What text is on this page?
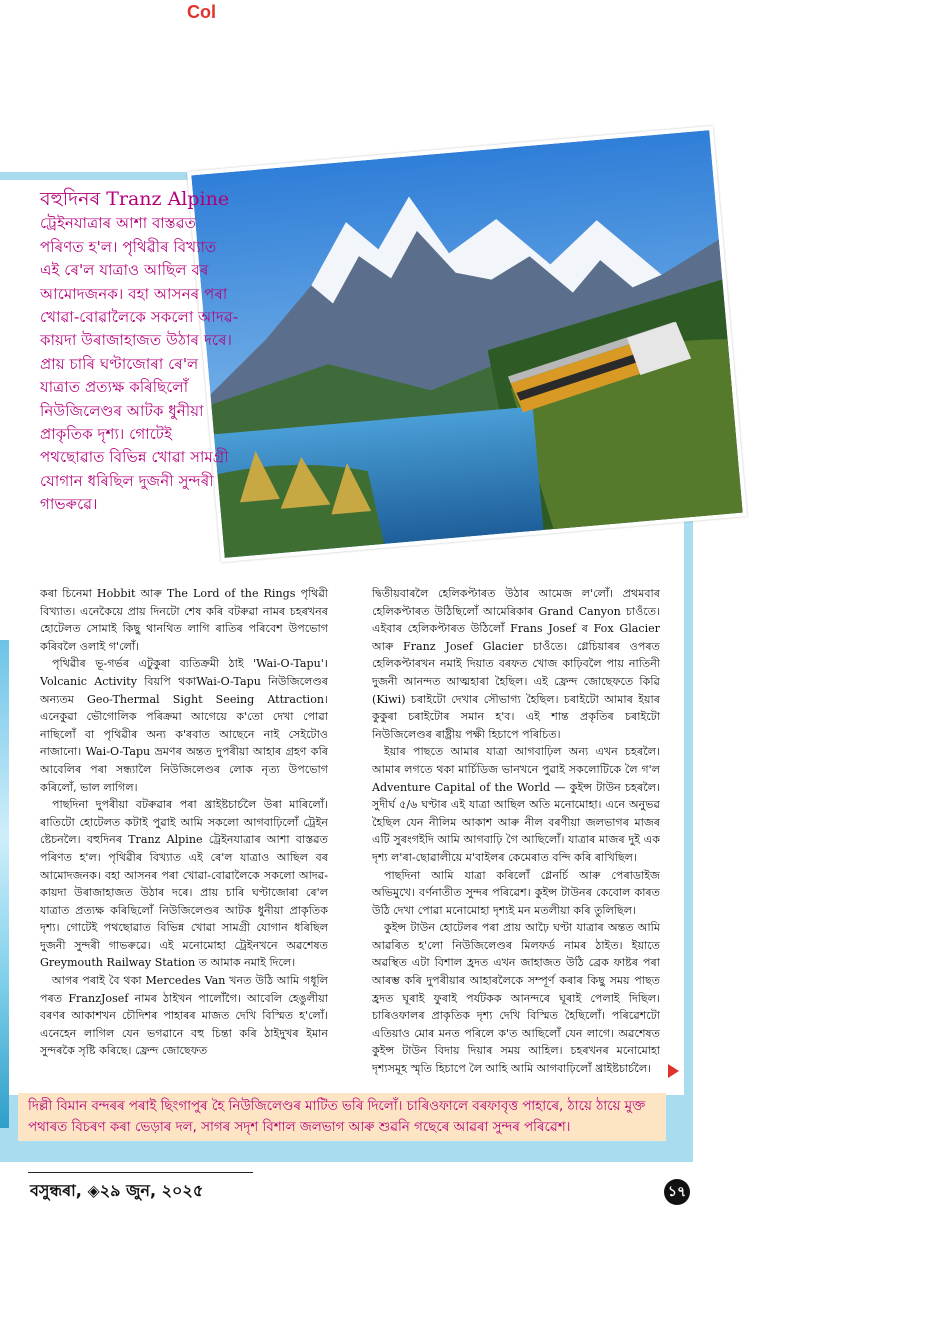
Col
বহুদিনৰ Tranz Alpine
ট্ৰেইনযাত্ৰাৰ আশা বাস্তৱত পৰিণত হ'ল। পৃথিৱীৰ বিখ্যাত এই ৰে'ল যাত্ৰাও আছিল বৰ আমোদজনক। বহা আসনৰ পৰা খোৱা-বোৱালৈকে সকলো আদৱ- কায়দা উৰাজাহাজত উঠাৰ দৰে। প্ৰায় চাৰি ঘণ্টাজোৰা ৰে'ল যাত্ৰাত প্ৰত্যক্ষ কৰিছিলোঁ নিউজিলেণ্ডৰ আটক ধুনীয়া প্ৰাকৃতিক দৃশ্য। গোটেই পথছোৱাত বিভিন্ন খোৱা সামগ্ৰী যোগান ধৰিছিল দুজনী সুন্দৰী গাভৰুৱে।

কৰা চিনেমা Hobbit আৰু The Lord of the Rings পৃথিৱী বিখ্যাত। এনেকৈয়ে প্ৰায় দিনটো শেষ কৰি বটৰুৱা নামৰ চহৰখনৰ হোটেলত সোমাই কিছু থানথিত লাগি ৰাতিৰ পৰিবেশ উপভোগ কৰিবলৈ ওলাই গ'লোঁ।

পৃথিৱীৰ ভূ-গৰ্ভৰ এটুকুৰা ব্যতিক্ৰমী ঠাই 'Wai-O-Tapu'। Volcanic Activity বিয়পি থকাWai-O-Tapu নিউজিলেণ্ডৰ অন্যতম Geo-Thermal Sight Seeing Attraction। এনেকুৱা ভৌগোলিক পৰিক্ৰমা আগেয়ে ক'তো দেখা পোৱা নাছিলোঁ বা পৃথিৱীৰ অন্য ক'ৰবাত আছেনে নাই সেইটোও নাজানো। Wai-O-Tapu ভ্ৰমণৰ অন্তত দুপৰীয়া আহাৰ গ্ৰহণ কৰি আবেলিৰ পৰা সন্ধ্যালৈ নিউজিলেণ্ডৰ লোক নৃত্য উপভোগ কৰিলোঁ, ভাল লাগিল।

পাছদিনা দুপৰীয়া বটৰুৱাৰ পৰা খ্ৰাইষ্টচাৰ্চলৈ উৰা মাৰিলোঁ। ৰাতিটো হোটেলত কটাই পুৱাই আমি সকলো আগবাঢ়িলোঁ ট্ৰেইন ষ্টেচনলৈ। বহুদিনৰ Tranz Alpine ট্ৰেইনযাত্ৰাৰ আশা বাস্তৱত পৰিণত হ'ল। পৃথিৱীৰ বিখ্যাত এই ৰে'ল যাত্ৰাও আছিল বৰ আমোদজনক। বহা আসনৰ পৰা খোৱা-বোৱালৈকে সকলো আদৱ-কায়দা উৰাজাহাজত উঠাৰ দৰে। প্ৰায় চাৰি ঘণ্টাজোৰা ৰে'ল যাত্ৰাত প্ৰত্যক্ষ কৰিছিলোঁ নিউজিলেণ্ডৰ আটক ধুনীয়া প্ৰাকৃতিক দৃশ্য। গোটেই পথছোৱাত বিভিন্ন খোৱা সামগ্ৰী যোগান ধৰিছিল দুজনী সুন্দৰী গাভৰুৱে। এই মনোমোহা ট্ৰেইনখনে অৱশেষত Greymouth Railway Station ত আমাক নমাই দিলে।

আগৰ পৰাই বৈ থকা Mercedes Van খনত উঠি আমি গধূলি পৰত FranzJosef নামৰ ঠাইখন পালোঁগৈ। আবেলি হেঙুলীয়া বৰণৰ আকাশখন চৌদিশৰ পাহাৰৰ মাজত দেখি বিস্মিত হ'লোঁ। এনেহেন লাগিল যেন ভগৱানে বহু চিন্তা কৰি ঠাইদুখৰ ইমান সুন্দৰকৈ সৃষ্টি কৰিছে। ফ্ৰেন্দ জোছেফত

দ্বিতীয়বাৰলৈ হেলিকপ্টাৰত উঠাৰ আমেজ ল'লোঁ। প্ৰথমবাৰ হেলিকপ্টাৰত উঠিছিলোঁ আমেৰিকাৰ Grand Canyon চাওঁতে। এইবাৰ হেলিকপ্টাৰত উঠিলোঁ Frans Josef ৰ Fox Glacier আৰু Franz Josef Glacier চাওঁতে। গ্লেচিয়াৰৰ ওপৰত হেলিকপ্টাৰখন নমাই দিয়াত বৰফত খোজ কাঢ়িবলৈ পায় নাতিনী দুজনী আনন্দত আত্মহাৰা হৈছিল। এই ফ্ৰেন্দ জোছেফতে কিৱি (Kiwi) চৰাইটো দেখাৰ সৌভাগ্য হৈছিল। চৰাইটো আমাৰ ইয়াৰ কুকুৰা চৰাইটোৰ সমান হ'ব। এই শান্ত প্ৰকৃতিৰ চৰাইটো নিউজিলেণ্ডৰ ৰাষ্ট্ৰীয় পক্ষী হিচাপে পৰিচিত।

ইয়াৰ পাছতে আমাৰ যাত্ৰা আগবাঢ়িল অন্য এখন চহৰলৈ। আমাৰ লগতে থকা মাৰ্চিডিজ ভানখনে পুৱাই সকলোটিকে লৈ গ'ল Adventure Capital of the World — কুইন্স টাউন চহৰলৈ। সুদীৰ্ঘ ৫/৬ ঘণ্টাৰ এই যাত্ৰা আছিল অতি মনোমোহা। এনে অনুভৱ হৈছিল যেন নীলিম আকাশ আৰু নীল বৰণীয়া জলভাগৰ মাজৰ এটি সুৰংগইদি আমি আগবাঢ়ি গৈ আছিলোঁ। যাত্ৰাৰ মাজৰ দুই এক দৃশ্য ল'ৰা-ছোৱালীয়ে ম'বাইলৰ কেমেৰাত বন্দি কৰি ৰাখিছিল।

পাছদিনা আমি যাত্ৰা কৰিলোঁ গ্লেনৰ্চি আৰু পেৰাডাইজ অভিমুখে। বৰ্ণনাতীত সুন্দৰ পৰিৱেশ। কুইন্স টাউনৰ কেবোল কাৰত উঠি দেখা পোৱা মনোমোহা দৃশ্যই মন মতলীয়া কৰি তুলিছিল।

কুইন্স টাউন হোটেলৰ পৰা প্ৰায় আঢ়ৈ ঘণ্টা যাত্ৰাৰ অন্তত আমি আৱৰিত হ'লো নিউজিলেণ্ডৰ মিলফৰ্ড নামৰ ঠাইত। ইয়াতে অৱস্থিত এটা বিশাল হ্ৰদত এখন জাহাজত উঠি ব্ৰেক ফাষ্টৰ পৰা আৰম্ভ কৰি দুপৰীয়াৰ আহাৰলৈকে সম্পূৰ্ণ কৰাৰ কিছু সময় পাছত হ্ৰদত ঘূৰাই ফুৰাই পৰ্যটকক আনন্দৰে ঘূৰাই পেলাই দিছিল। চাৰিওফালৰ প্ৰাকৃতিক দৃশ্য দেখি বিস্মিত হৈছিলোঁ। পৰিৱেশটো এতিয়াও মোৰ মনত পৰিলে ক'ত আছিলোঁ যেন লাগে। অৱশেষত কুইন্স টাউন বিদায় দিয়াৰ সময় আহিল। চহৰখনৰ মনোমোহা দৃশ্যসমূহ স্মৃতি হিচাপে লৈ আহি আমি আগবাঢ়িলোঁ খ্ৰাইষ্টচাৰ্চলৈ।

দিল্লী বিমান বন্দৰৰ পৰাই ছিংগাপুৰ হৈ নিউজিলেণ্ডৰ মাটিত ভৰি দিলোঁ। চাৰিওফালে বৰফাবৃত্ত পাহাৰে, ঠায়ে ঠায়ে মুক্ত পথাৰত বিচৰণ কৰা ভেড়াৰ দল, সাগৰ সদৃশ বিশাল জলভাগ আৰু শুৱনি গছেৰে আৱৰা সুন্দৰ পৰিৱেশ।
বসুন্ধৰা, ◈২৯ জুন, ২০২৫	১৭
